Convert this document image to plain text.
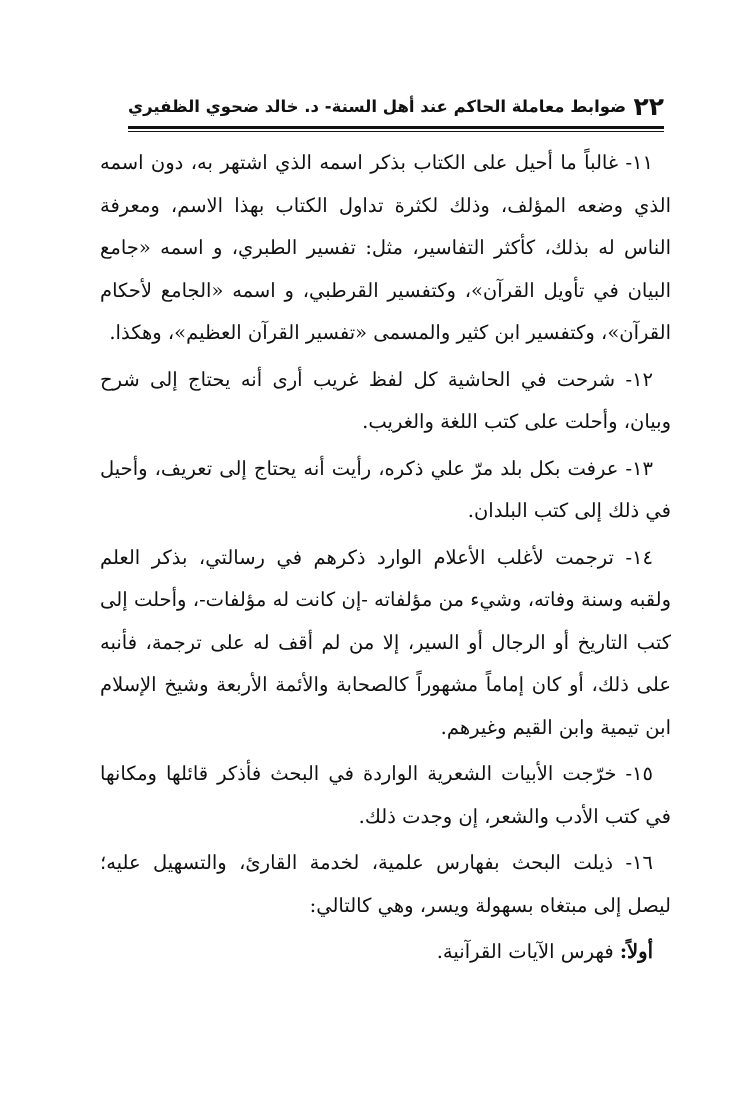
٢٢
ضوابط معاملة الحاكم عند أهل السنة- د. خالد ضحوي الظفيري

١١- غالباً ما أحيل على الكتاب بذكر اسمه الذي اشتهر به، دون اسمه الذي وضعه المؤلف، وذلك لكثرة تداول الكتاب بهذا الاسم، ومعرفة الناس له بذلك، كأكثر التفاسير، مثل: تفسير الطبري، و اسمه «جامع البيان في تأويل القرآن»، وكتفسير القرطبي، و اسمه «الجامع لأحكام القرآن»، وكتفسير ابن كثير والمسمى «تفسير القرآن العظيم»، وهكذا.

١٢- شرحت في الحاشية كل لفظ غريب أرى أنه يحتاج إلى شرح وبيان، وأحلت على كتب اللغة والغريب.

١٣- عرفت بكل بلد مرّ علي ذكره، رأيت أنه يحتاج إلى تعريف، وأحيل في ذلك إلى كتب البلدان.

١٤- ترجمت لأغلب الأعلام الوارد ذكرهم في رسالتي، بذكر العلم ولقبه وسنة وفاته، وشيء من مؤلفاته -إن كانت له مؤلفات-، وأحلت إلى كتب التاريخ أو الرجال أو السير، إلا من لم أقف له على ترجمة، فأنبه على ذلك، أو كان إماماً مشهوراً كالصحابة والأئمة الأربعة وشيخ الإسلام ابن تيمية وابن القيم وغيرهم.

١٥- خرّجت الأبيات الشعرية الواردة في البحث فأذكر قائلها ومكانها في كتب الأدب والشعر، إن وجدت ذلك.

١٦- ذيلت البحث بفهارس علمية، لخدمة القارئ، والتسهيل عليه؛ ليصل إلى مبتغاه بسهولة ويسر، وهي كالتالي:

أولاً: فهرس الآيات القرآنية.
